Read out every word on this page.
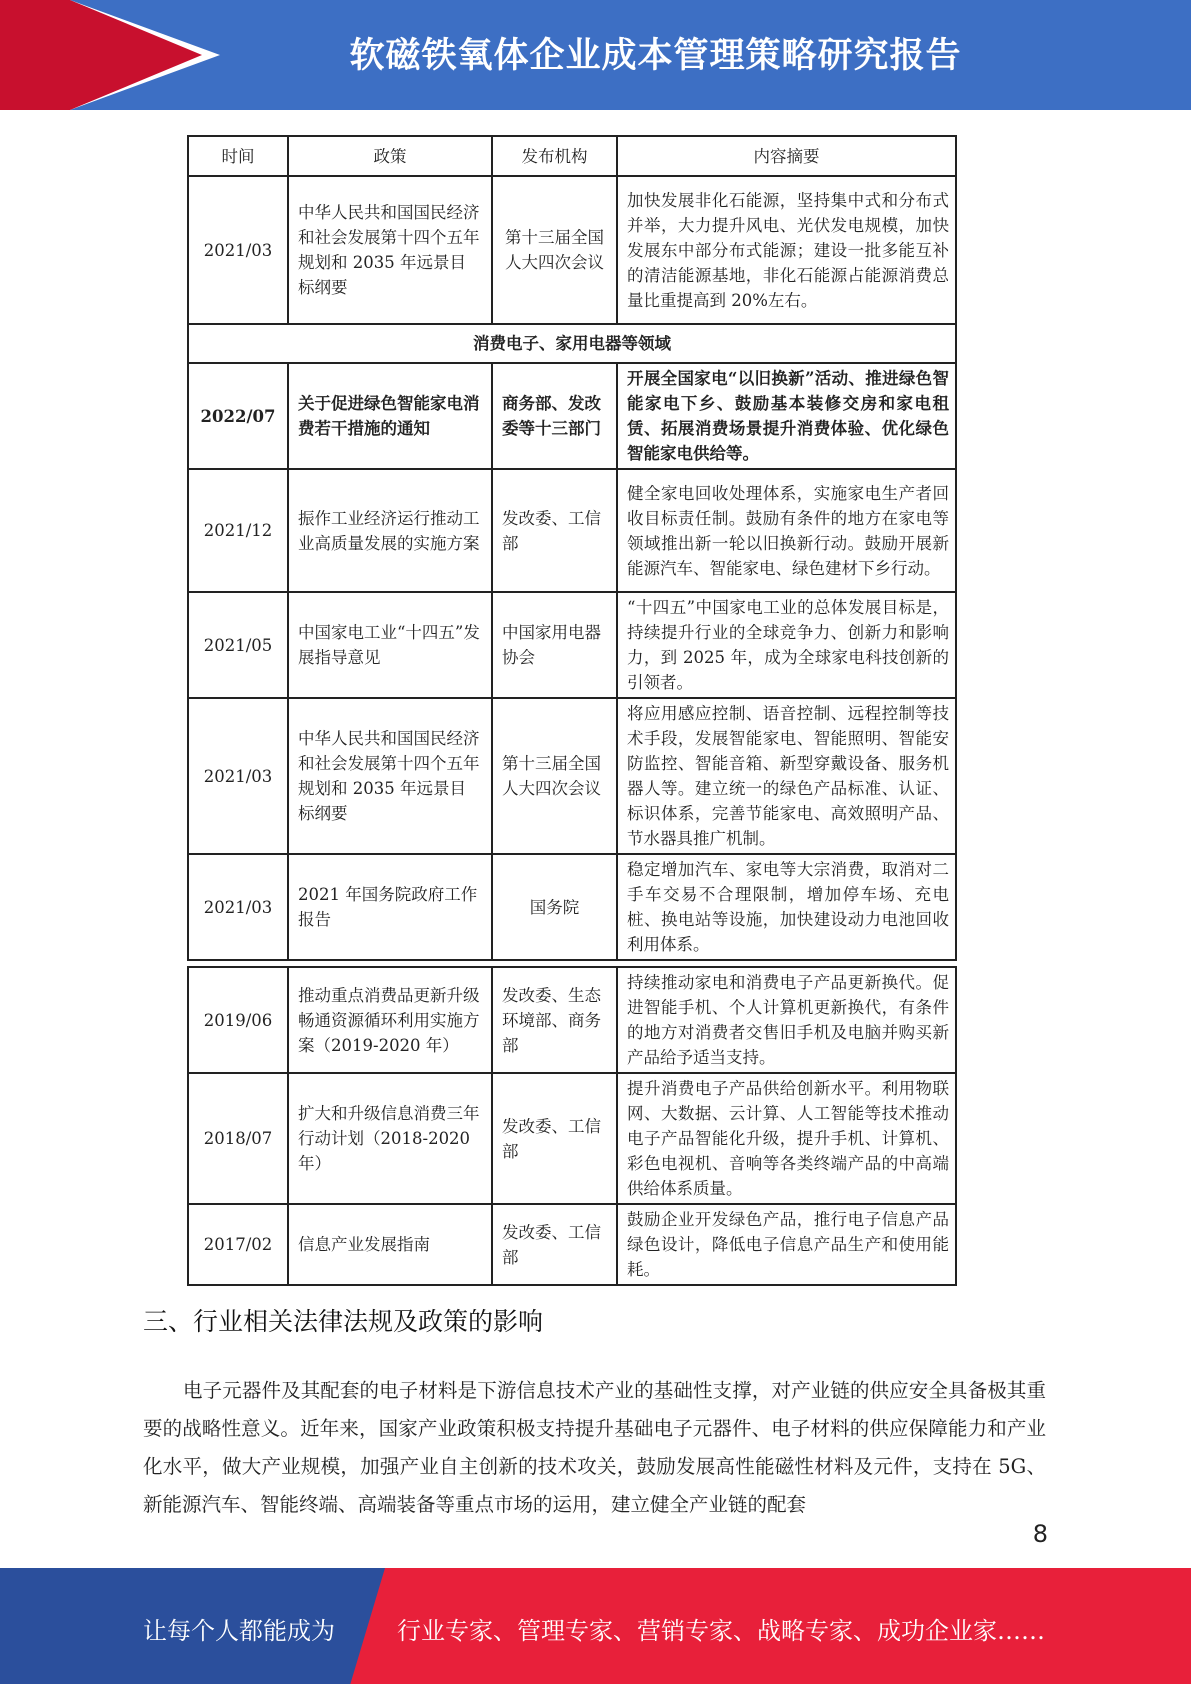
软磁铁氧体企业成本管理策略研究报告
时间	政策	发布机构	内容摘要
2021/03	中华人民共和国国民经济和社会发展第十四个五年规划和 2035 年远景目标纲要	第十三届全国人大四次会议	加快发展非化石能源，坚持集中式和分布式并举，大力提升风电、光伏发电规模，加快发展东中部分布式能源；建设一批多能互补的清洁能源基地，非化石能源占能源消费总量比重提高到 20%左右。
消费电子、家用电器等领域			
2022/07	关于促进绿色智能家电消费若干措施的通知	商务部、发改委等十三部门	开展全国家电“以旧换新”活动、推进绿色智能家电下乡、鼓励基本装修交房和家电租赁、拓展消费场景提升消费体验、优化绿色智能家电供给等。
2021/12	振作工业经济运行推动工业高质量发展的实施方案	发改委、工信部	健全家电回收处理体系，实施家电生产者回收目标责任制。鼓励有条件的地方在家电等领域推出新一轮以旧换新行动。鼓励开展新能源汽车、智能家电、绿色建材下乡行动。
2021/05	中国家电工业“十四五”发展指导意见	中国家用电器协会	“十四五”中国家电工业的总体发展目标是，持续提升行业的全球竞争力、创新力和影响力，到 2025 年，成为全球家电科技创新的引领者。
2021/03	中华人民共和国国民经济和社会发展第十四个五年规划和 2035 年远景目标纲要	第十三届全国人大四次会议	将应用感应控制、语音控制、远程控制等技术手段，发展智能家电、智能照明、智能安防监控、智能音箱、新型穿戴设备、服务机器人等。建立统一的绿色产品标准、认证、标识体系，完善节能家电、高效照明产品、节水器具推广机制。
2021/03	2021 年国务院政府工作报告	国务院	稳定增加汽车、家电等大宗消费，取消对二手车交易不合理限制，增加停车场、充电桩、换电站等设施，加快建设动力电池回收利用体系。
2019/06	推动重点消费品更新升级畅通资源循环利用实施方案（2019-2020 年）	发改委、生态环境部、商务部	持续推动家电和消费电子产品更新换代。促进智能手机、个人计算机更新换代，有条件的地方对消费者交售旧手机及电脑并购买新产品给予适当支持。
2018/07	扩大和升级信息消费三年行动计划（2018-2020 年）	发改委、工信部	提升消费电子产品供给创新水平。利用物联网、大数据、云计算、人工智能等技术推动电子产品智能化升级，提升手机、计算机、彩色电视机、音响等各类终端产品的中高端供给体系质量。
2017/02	信息产业发展指南	发改委、工信部	鼓励企业开发绿色产品，推行电子信息产品绿色设计，降低电子信息产品生产和使用能耗。
三、行业相关法律法规及政策的影响
电子元器件及其配套的电子材料是下游信息技术产业的基础性支撑，对产业链的供应安全具备极其重要的战略性意义。近年来，国家产业政策积极支持提升基础电子元器件、电子材料的供应保障能力和产业化水平，做大产业规模，加强产业自主创新的技术攻关，鼓励发展高性能磁性材料及元件，支持在 5G、新能源汽车、智能终端、高端装备等重点市场的运用，建立健全产业链的配套
8
让每个人都能成为	行业专家、管理专家、营销专家、战略专家、成功企业家……
